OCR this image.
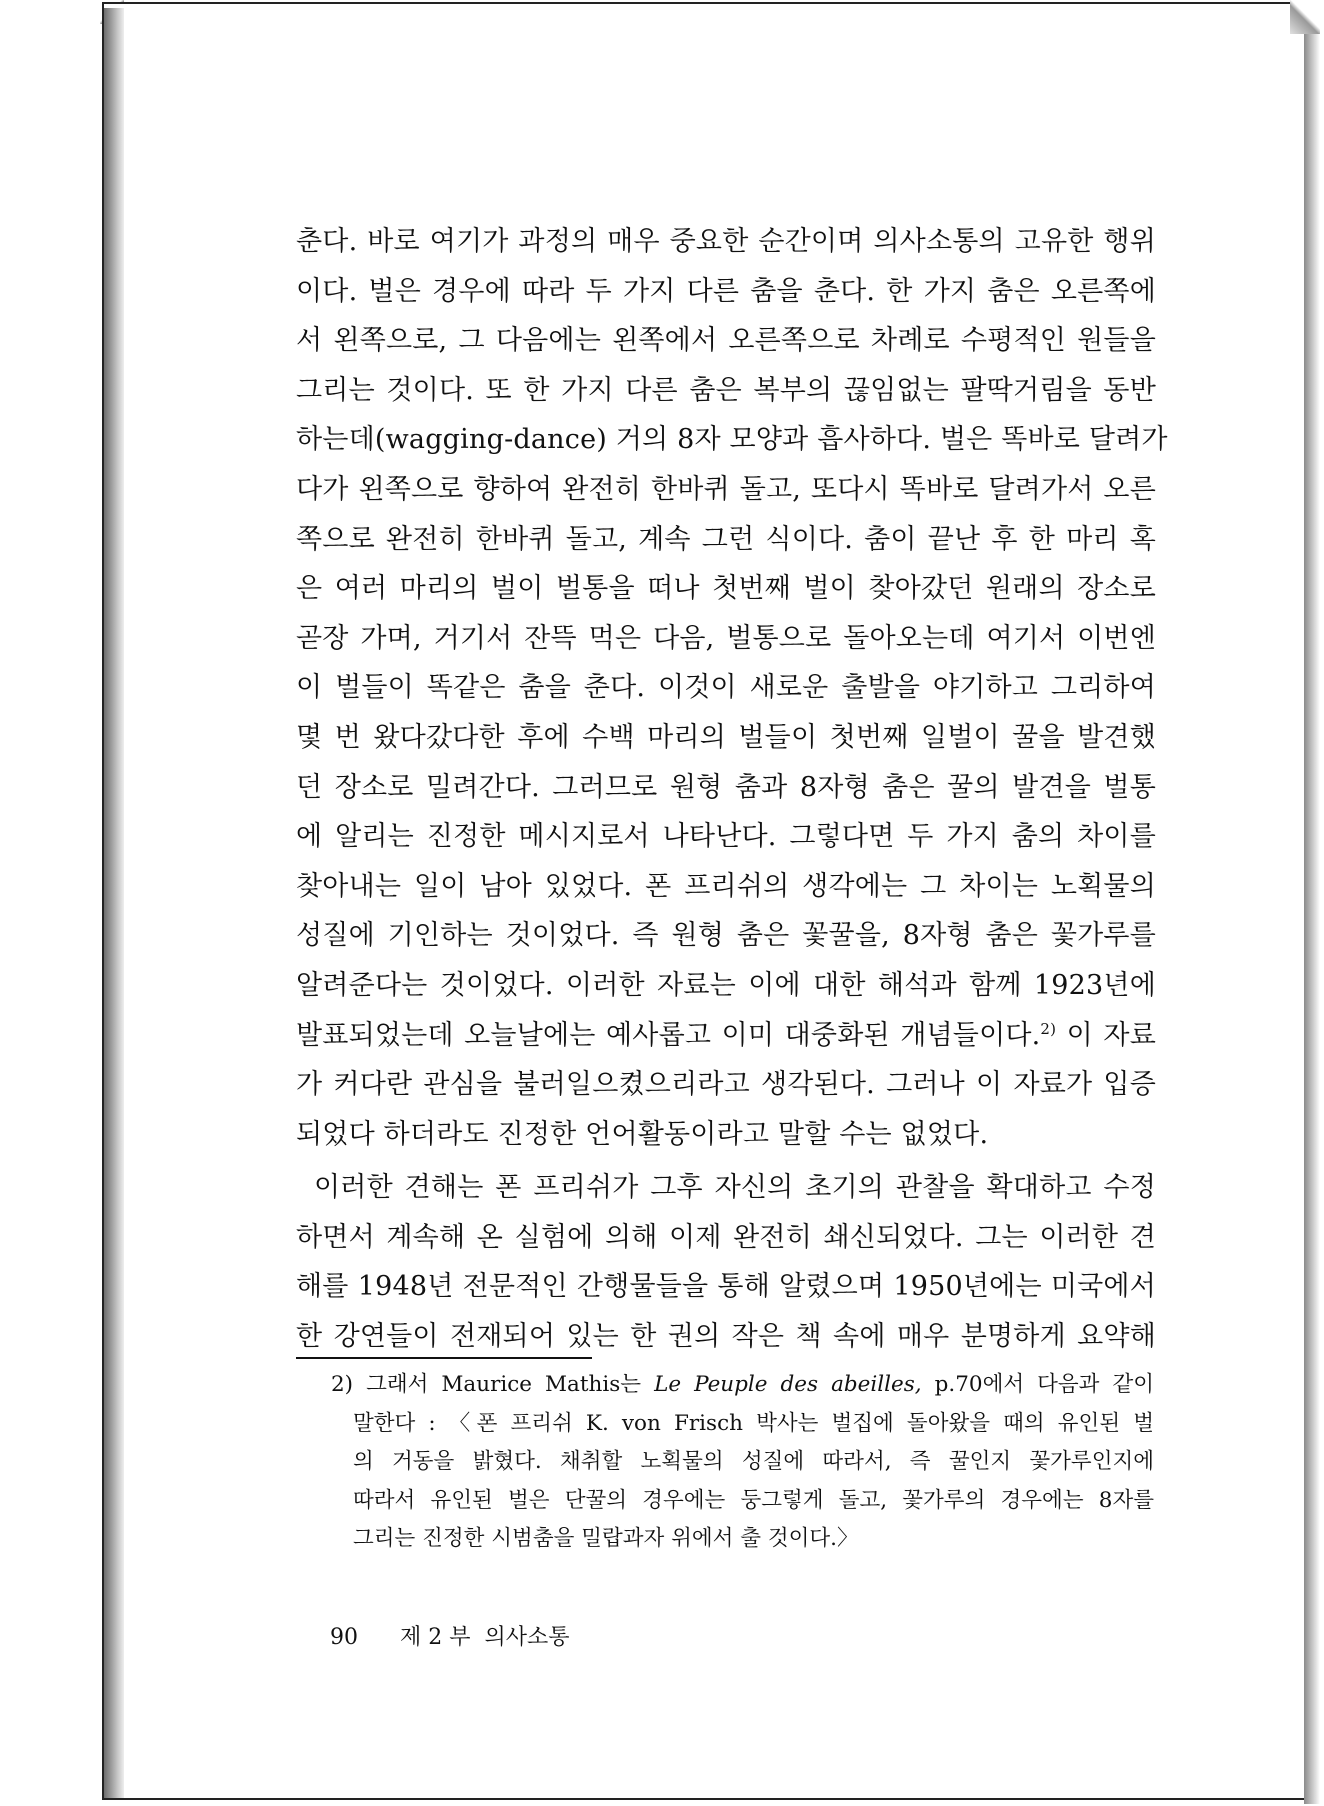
춘다. 바로 여기가 과정의 매우 중요한 순간이며 의사소통의 고유한 행위
이다. 벌은 경우에 따라 두 가지 다른 춤을 춘다. 한 가지 춤은 오른쪽에
서 왼쪽으로, 그 다음에는 왼쪽에서 오른쪽으로 차례로 수평적인 원들을
그리는 것이다. 또 한 가지 다른 춤은 복부의 끊임없는 팔딱거림을 동반
하는데(wagging-dance) 거의 8자 모양과 흡사하다. 벌은 똑바로 달려가
다가 왼쪽으로 향하여 완전히 한바퀴 돌고, 또다시 똑바로 달려가서 오른
쪽으로 완전히 한바퀴 돌고, 계속 그런 식이다. 춤이 끝난 후 한 마리 혹
은 여러 마리의 벌이 벌통을 떠나 첫번째 벌이 찾아갔던 원래의 장소로
곧장 가며, 거기서 잔뜩 먹은 다음, 벌통으로 돌아오는데 여기서 이번엔
이 벌들이 똑같은 춤을 춘다. 이것이 새로운 출발을 야기하고 그리하여
몇 번 왔다갔다한 후에 수백 마리의 벌들이 첫번째 일벌이 꿀을 발견했
던 장소로 밀려간다. 그러므로 원형 춤과 8자형 춤은 꿀의 발견을 벌통
에 알리는 진정한 메시지로서 나타난다. 그렇다면 두 가지 춤의 차이를
찾아내는 일이 남아 있었다. 폰 프리쉬의 생각에는 그 차이는 노획물의
성질에 기인하는 것이었다. 즉 원형 춤은 꽃꿀을, 8자형 춤은 꽃가루를
알려준다는 것이었다. 이러한 자료는 이에 대한 해석과 함께 1923년에
발표되었는데 오늘날에는 예사롭고 이미 대중화된 개념들이다.$^{2)}$ 이 자료
가 커다란 관심을 불러일으켰으리라고 생각된다. 그러나 이 자료가 입증
되었다 하더라도 진정한 언어활동이라고 말할 수는 없었다.
이러한 견해는 폰 프리쉬가 그후 자신의 초기의 관찰을 확대하고 수정
하면서 계속해 온 실험에 의해 이제 완전히 쇄신되었다. 그는 이러한 견
해를 1948년 전문적인 간행물들을 통해 알렸으며 1950년에는 미국에서
한 강연들이 전재되어 있는 한 권의 작은 책 속에 매우 분명하게 요약해
2) 그래서 Maurice Mathis는 Le Peuple des abeilles, p.70에서 다음과 같이
말한다 : 〈폰 프리쉬 K. von Frisch 박사는 벌집에 돌아왔을 때의 유인된 벌
의 거동을 밝혔다. 채취할 노획물의 성질에 따라서, 즉 꿀인지 꽃가루인지에
따라서 유인된 벌은 단꿀의 경우에는 둥그렇게 돌고, 꽃가루의 경우에는 8자를
그리는 진정한 시범춤을 밀랍과자 위에서 출 것이다.〉
90 제 2 부  의사소통
